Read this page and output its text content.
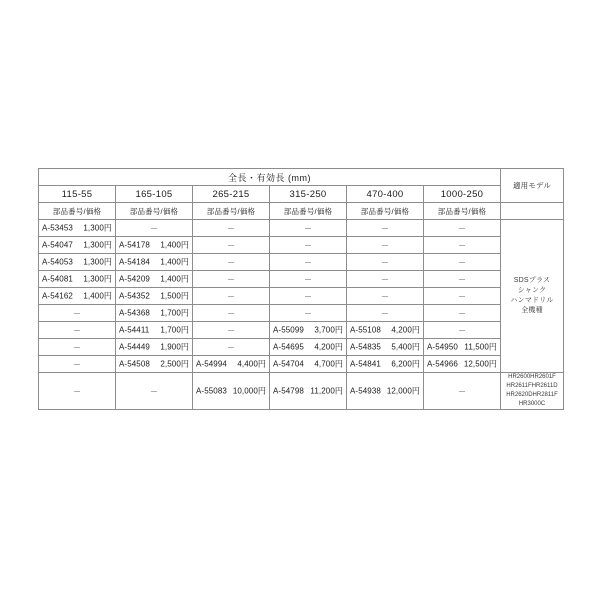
全長・有効長 (mm)						適用モデル
115-55	165-105	265-215	315-250	470-400	1000-250	
部品番号/価格	部品番号/価格	部品番号/価格	部品番号/価格	部品番号/価格	部品番号/価格	

A-53453 1,300円	－	－	－	－	－	
SDSプラス
シャンク
ハンマドリル
全機種

A-54047 1,300円	A-54178 1,400円	－	－	－	－	

A-54053 1,300円	A-54184 1,400円	－	－	－	－	

A-54081 1,300円	A-54209 1,400円	－	－	－	－	

A-54162 1,400円	A-54352 1,500円	－	－	－	－	
－	A-54368 1,700円	－	－	－	－	
－	A-54411 1,700円	－	A-55099 3,700円	A-55108 4,200円	－	
－	A-54449 1,900円	－	A-54695 4,200円	A-54835 5,400円	A-54950 11,500円	

－	A-54508 2,500円	A-54994 4,400円	A-54704 4,700円	A-54841 6,200円	A-54966 12,500円	

－	－	A-55083 10,000円	A-54798 11,200円	A-54938 12,000円	－	
HR2600HR2601F
HR2611FHR2611D
HR2620DHR2811F
HR3000C
